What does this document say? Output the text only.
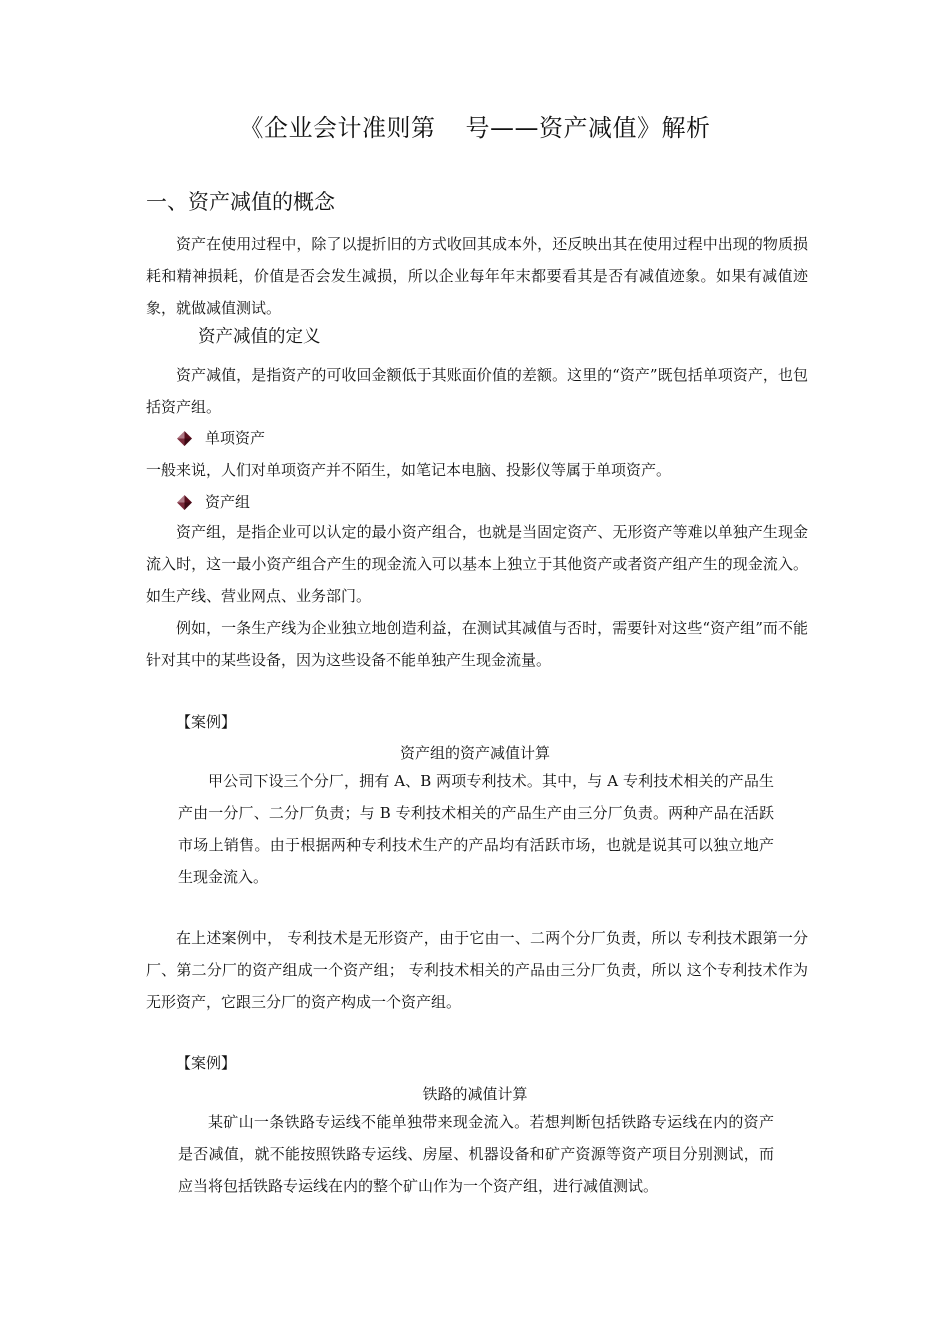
《企业会计准则第 号——资产减值》解析
一、资产减值的概念
资产在使用过程中，除了以提折旧的方式收回其成本外，还反映出其在使用过程中出现的物质损耗和精神损耗，价值是否会发生减损，所以企业每年年末都要看其是否有减值迹象。如果有减值迹象，就做减值测试。
资产减值的定义
资产减值，是指资产的可收回金额低于其账面价值的差额。这里的“资产”既包括单项资产，也包括资产组。
单项资产
一般来说，人们对单项资产并不陌生，如笔记本电脑、投影仪等属于单项资产。
资产组
资产组，是指企业可以认定的最小资产组合，也就是当固定资产、无形资产等难以单独产生现金流入时，这一最小资产组合产生的现金流入可以基本上独立于其他资产或者资产组产生的现金流入。如生产线、营业网点、业务部门。
例如，一条生产线为企业独立地创造利益，在测试其减值与否时，需要针对这些“资产组”而不能针对其中的某些设备，因为这些设备不能单独产生现金流量。
【案例】
资产组的资产减值计算
甲公司下设三个分厂，拥有 A、B 两项专利技术。其中，与 A 专利技术相关的产品生产由一分厂、二分厂负责；与 B 专利技术相关的产品生产由三分厂负责。两种产品在活跃市场上销售。由于根据两种专利技术生产的产品均有活跃市场，也就是说其可以独立地产生现金流入。
在上述案例中， 专利技术是无形资产，由于它由一、二两个分厂负责，所以 专利技术跟第一分厂、第二分厂的资产组成一个资产组； 专利技术相关的产品由三分厂负责，所以 这个专利技术作为无形资产，它跟三分厂的资产构成一个资产组。
【案例】
铁路的减值计算
某矿山一条铁路专运线不能单独带来现金流入。若想判断包括铁路专运线在内的资产是否减值，就不能按照铁路专运线、房屋、机器设备和矿产资源等资产项目分别测试，而应当将包括铁路专运线在内的整个矿山作为一个资产组，进行减值测试。
